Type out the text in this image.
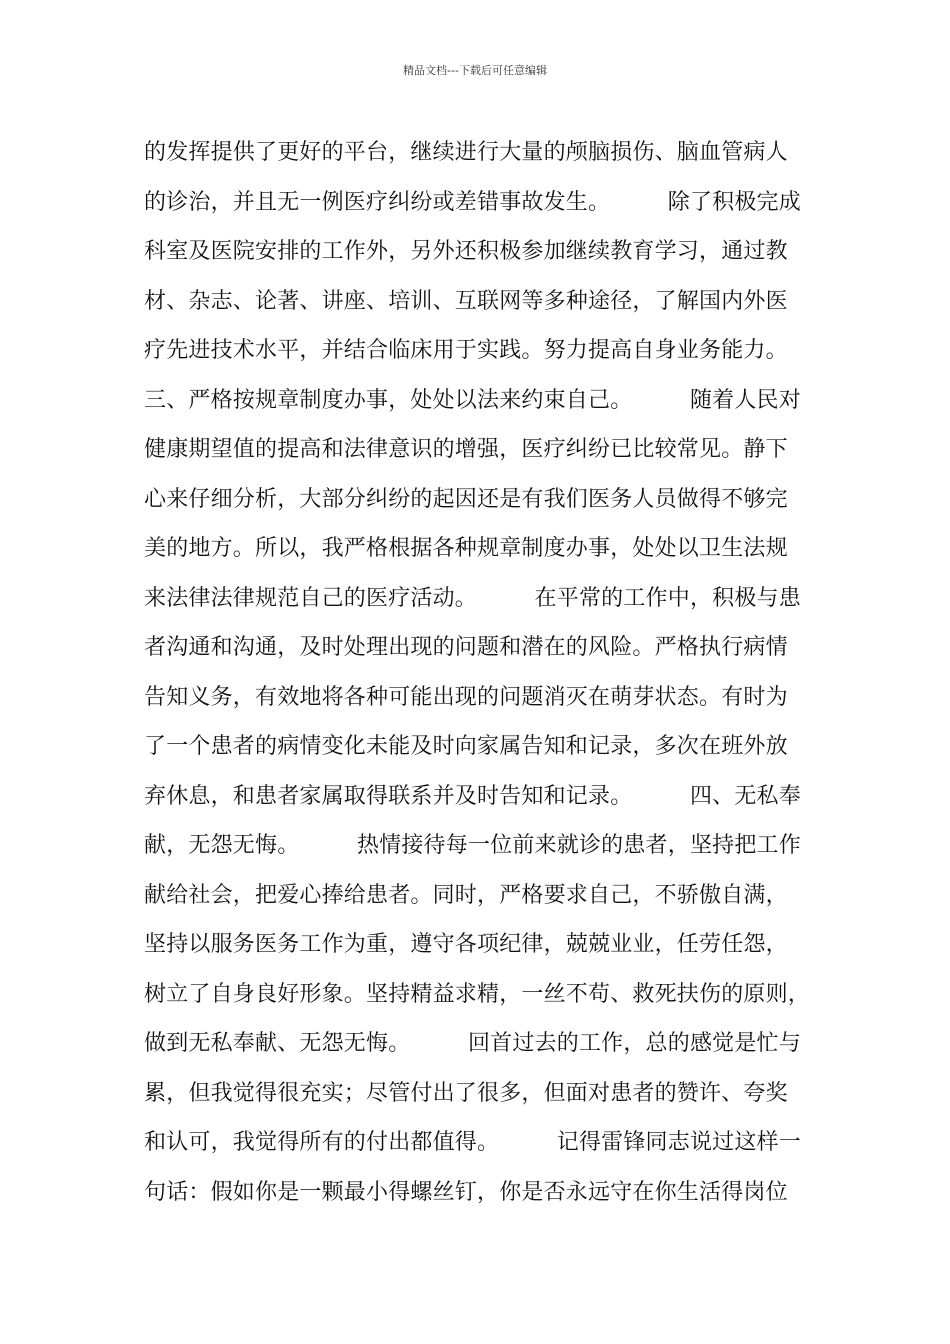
精品文档---下载后可任意编辑
的发挥提供了更好的平台，继续进行大量的颅脑损伤、脑血管病人
的诊治，并且无一例医疗纠纷或差错事故发生。        除了积极完成
科室及医院安排的工作外，另外还积极参加继续教育学习，通过教
材、杂志、论著、讲座、培训、互联网等多种途径，了解国内外医
疗先进技术水平，并结合临床用于实践。努力提高自身业务能力。
三、严格按规章制度办事，处处以法来约束自己。        随着人民对
健康期望值的提高和法律意识的增强，医疗纠纷已比较常见。静下
心来仔细分析，大部分纠纷的起因还是有我们医务人员做得不够完
美的地方。所以，我严格根据各种规章制度办事，处处以卫生法规
来法律法律规范自己的医疗活动。        在平常的工作中，积极与患
者沟通和沟通，及时处理出现的问题和潜在的风险。严格执行病情
告知义务，有效地将各种可能出现的问题消灭在萌芽状态。有时为
了一个患者的病情变化未能及时向家属告知和记录，多次在班外放
弃休息，和患者家属取得联系并及时告知和记录。        四、无私奉
献，无怨无悔。        热情接待每一位前来就诊的患者，坚持把工作
献给社会，把爱心捧给患者。同时，严格要求自己，不骄傲自满，
坚持以服务医务工作为重，遵守各项纪律，兢兢业业，任劳任怨，
树立了自身良好形象。坚持精益求精，一丝不苟、救死扶伤的原则，
做到无私奉献、无怨无悔。        回首过去的工作，总的感觉是忙与
累，但我觉得很充实；尽管付出了很多，但面对患者的赞许、夸奖
和认可，我觉得所有的付出都值得。        记得雷锋同志说过这样一
句话：假如你是一颗最小得螺丝钉，你是否永远守在你生活得岗位
